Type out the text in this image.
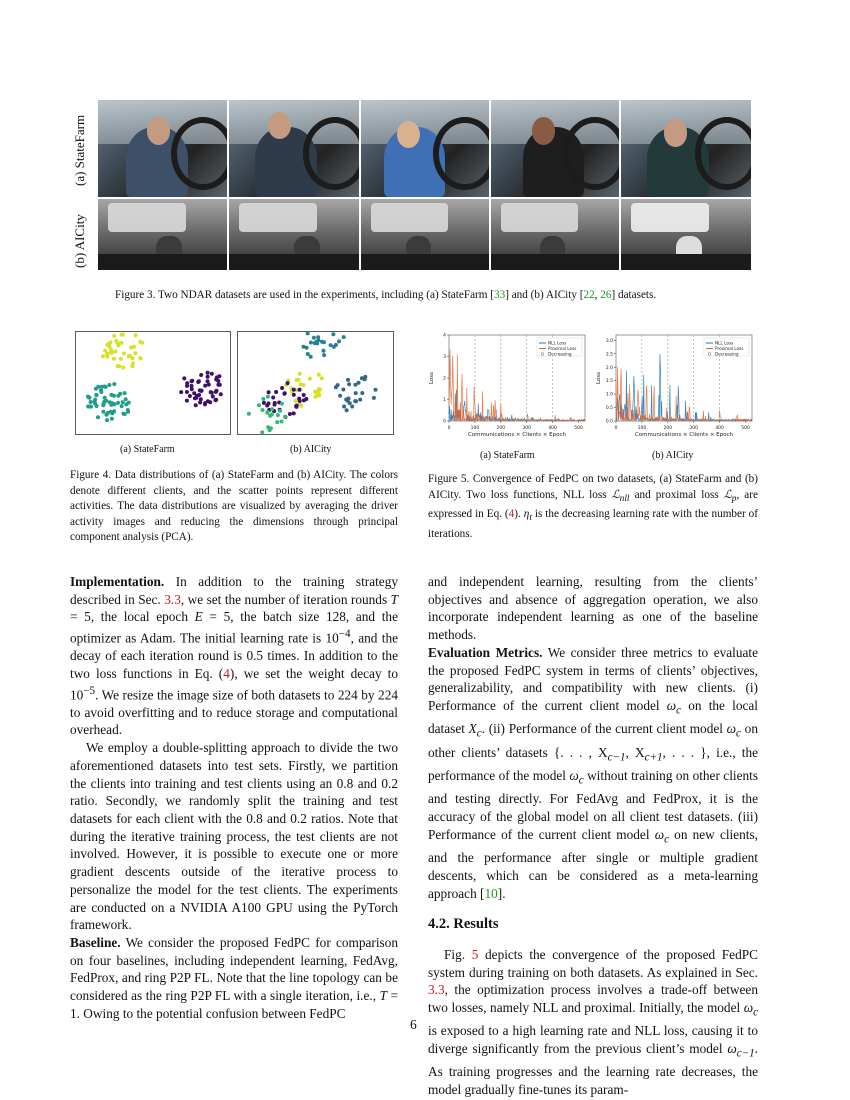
(a) StateFarm
(b) AICity
Figure 3. Two NDAR datasets are used in the experiments, including (a) StateFarm [33] and (b) AICity [22, 26] datasets.
(a) StateFarm	(b) AICity
Figure 4. Data distributions of (a) StateFarm and (b) AICity. The colors denote different clients, and the scatter points represent different activities. The data distributions are visualized by averaging the driver activity images and reducing the dimensions through principal component analysis (PCA).
0	100	200	300	400	500
0
1
2
3
4
Communications × Clients × Epoch
Loss
NLL Loss
Proximal Loss
Decreasing
0	100	200	300	400	500
0.0
0.5
1.0
1.5
2.0
2.5
3.0
Communications × Clients × Epoch
Loss
NLL Loss
Proximal Loss
Decreasing
(a) StateFarm	(b) AICity
Figure 5. Convergence of FedPC on two datasets, (a) StateFarm and (b) AICity. Two loss functions, NLL loss ℒ$_{nll}$ and proximal loss ℒ$_p$, are expressed in Eq. (4). $\eta_t$ is the decreasing learning rate with the number of iterations.

Implementation. In addition to the training strategy described in Sec. 3.3, we set the number of iteration rounds T = 5, the local epoch E = 5, the batch size 128, and the optimizer as Adam. The initial learning rate is $10^{-4}$, and the decay of each iteration round is 0.5 times. In addition to the two loss functions in Eq. (4), we set the weight decay to $10^{-5}$. We resize the image size of both datasets to 224 by 224 to avoid overfitting and to reduce storage and computational overhead.

We employ a double-splitting approach to divide the two aforementioned datasets into test sets. Firstly, we partition the clients into training and test clients using an 0.8 and 0.2 ratio. Secondly, we randomly split the training and test datasets for each client with the 0.8 and 0.2 ratios. Note that during the iterative training process, the test clients are not involved. However, it is possible to execute one or more gradient descents outside of the iterative process to personalize the model for the test clients. The experiments are conducted on a NVIDIA A100 GPU using the PyTorch framework.

Baseline. We consider the proposed FedPC for comparison on four baselines, including independent learning, FedAvg, FedProx, and ring P2P FL. Note that the line topology can be considered as the ring P2P FL with a single iteration, i.e., T = 1. Owing to the potential confusion between FedPC

and independent learning, resulting from the clients’ objectives and absence of aggregation operation, we also incorporate independent learning as one of the baseline methods.

Evaluation Metrics. We consider three metrics to evaluate the proposed FedPC system in terms of clients’ objectives, generalizability, and compatibility with new clients. (i) Performance of the current client model $\omega_c$ on the local dataset $X_c$. (ii) Performance of the current client model $\omega_c$ on other clients’ datasets {. . . , $X_{c-1}$, $X_{c+1}$, . . . }, i.e., the performance of the model $\omega_c$ without training on other clients and testing directly. For FedAvg and FedProx, it is the accuracy of the global model on all client test datasets. (iii) Performance of the current client model $\omega_c$ on new clients, and the performance after single or multiple gradient descents, which can be considered as a meta-learning approach [10].

4.2. Results

Fig. 5 depicts the convergence of the proposed FedPC system during training on both datasets. As explained in Sec. 3.3, the optimization process involves a trade-off between two losses, namely NLL and proximal. Initially, the model $\omega_c$ is exposed to a high learning rate and NLL loss, causing it to diverge significantly from the previous client’s model $\omega_{c-1}$. As training progresses and the learning rate decreases, the model gradually fine-tunes its param-

6
